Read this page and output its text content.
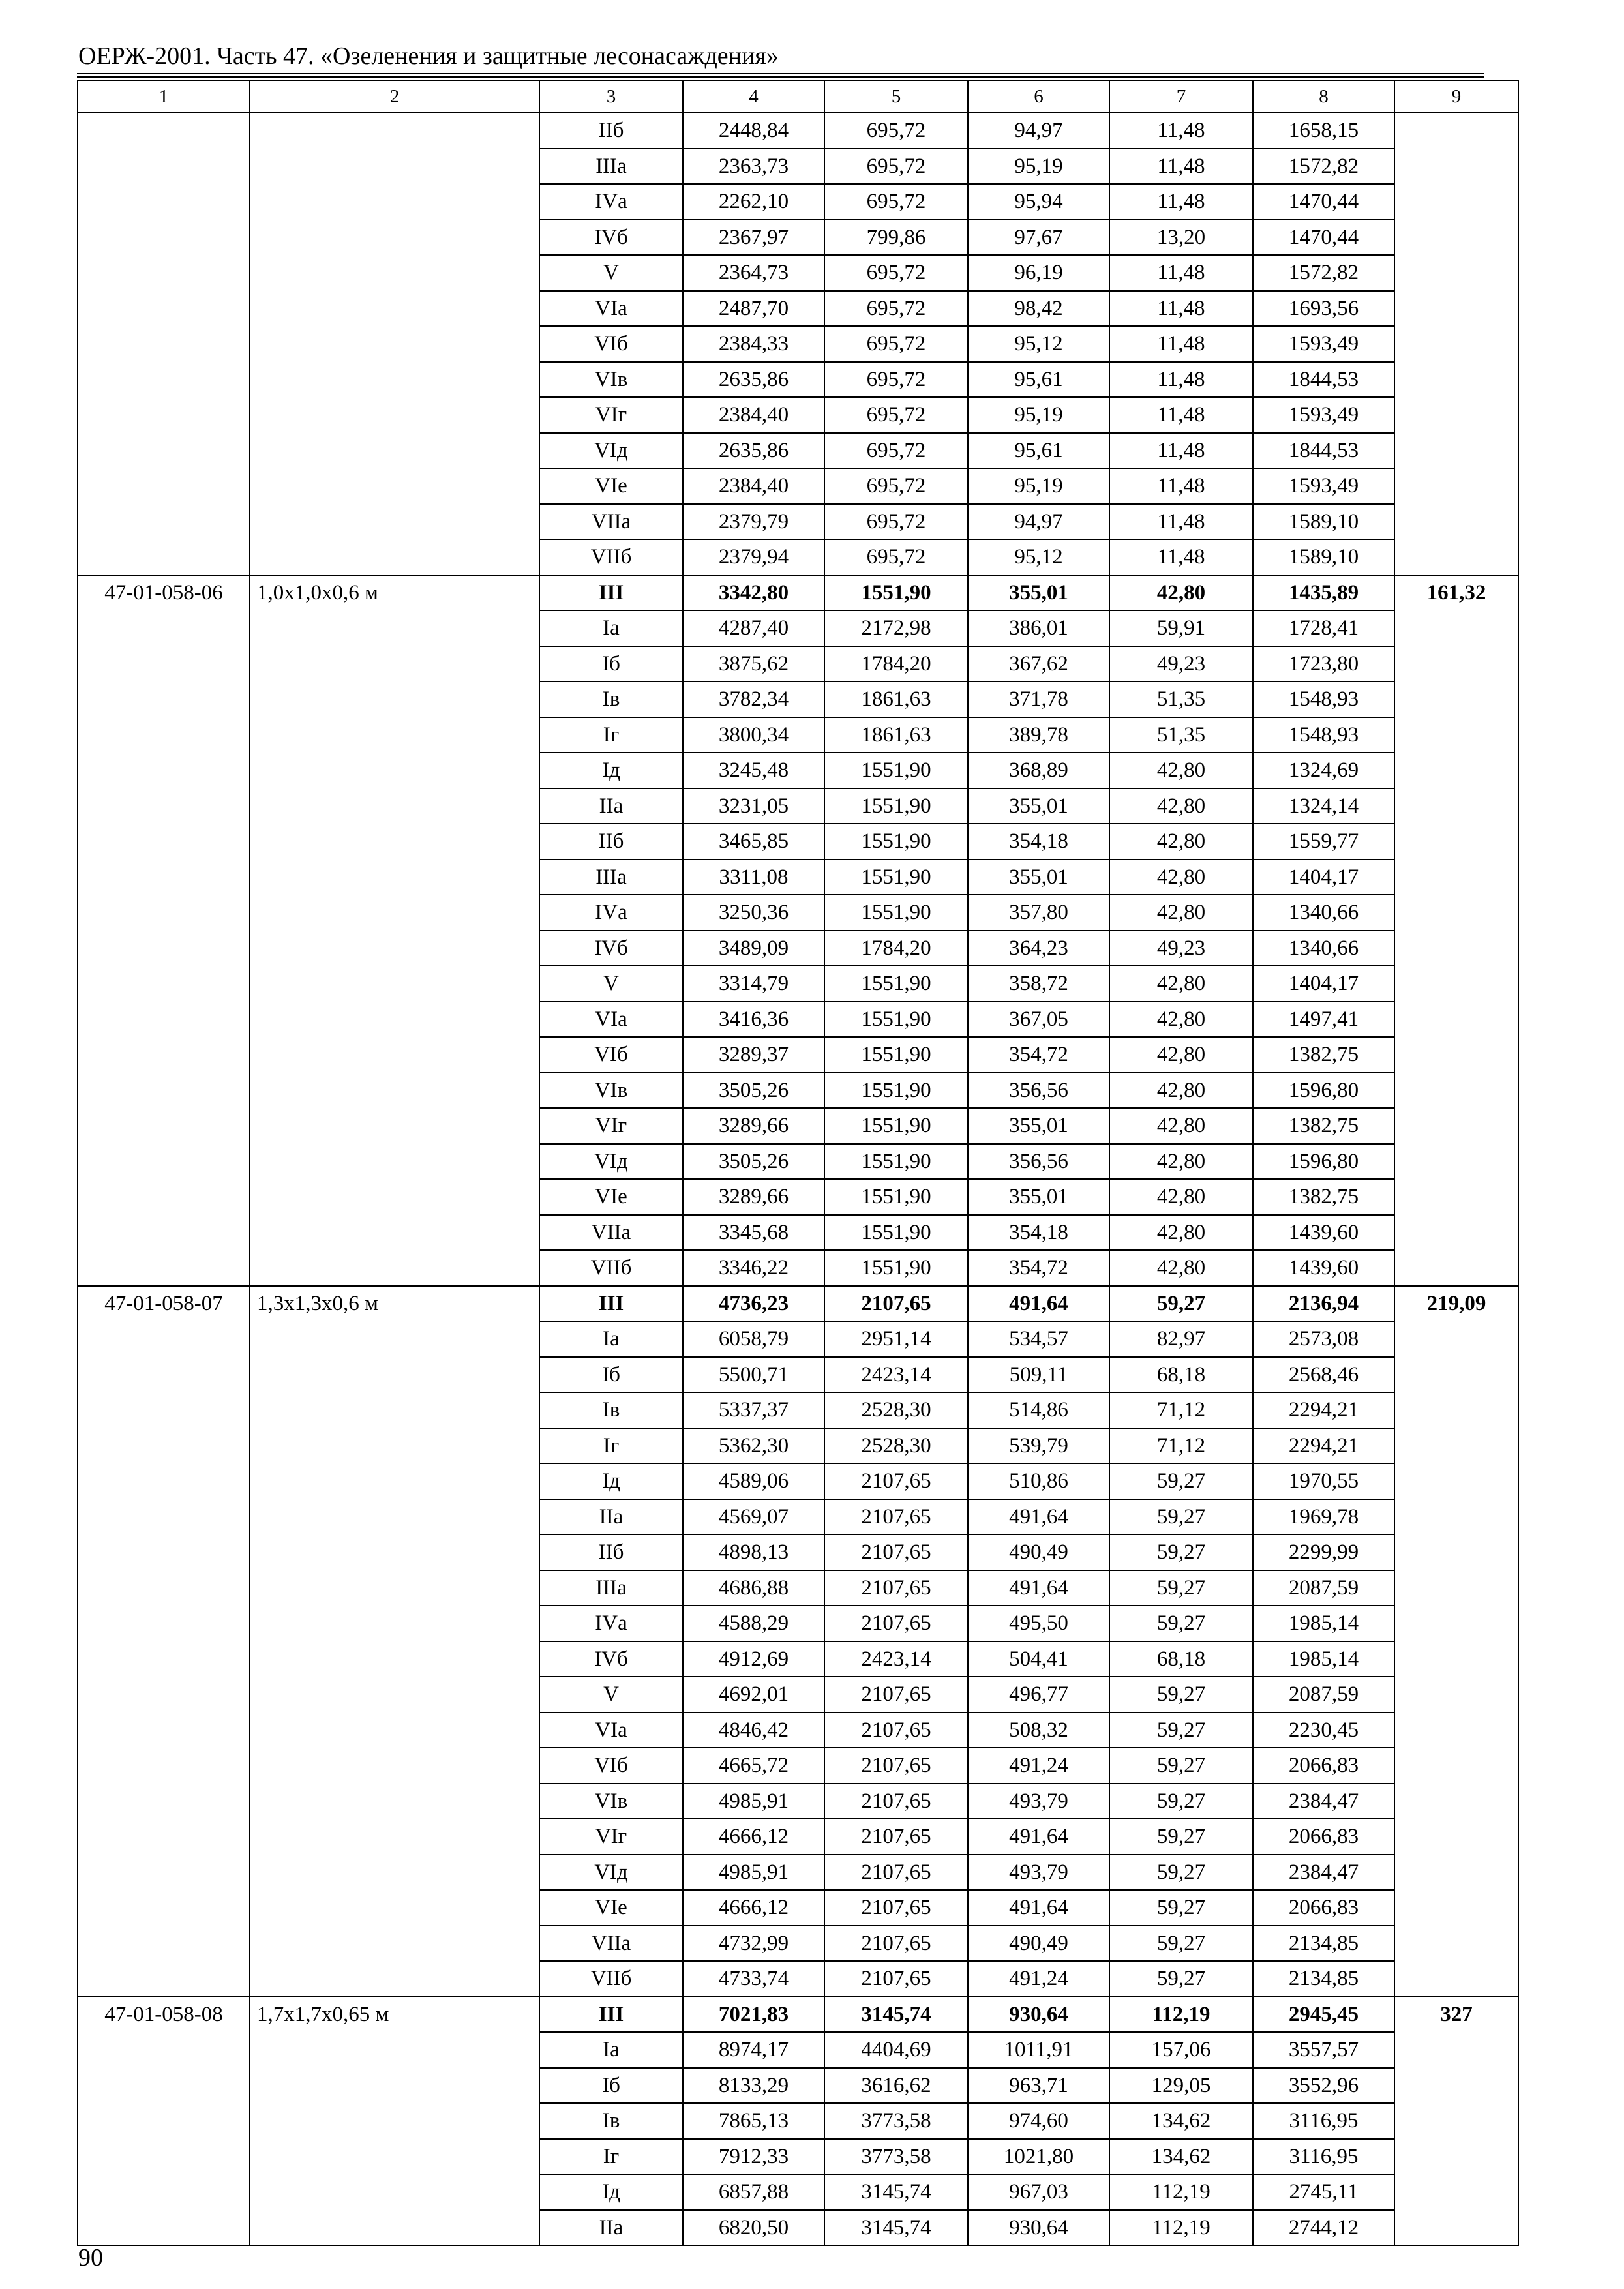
ОЕРЖ-2001. Часть 47. «Озеленения и защитные лесонасаждения»
1	2	3	4	5	6	7	8	9
		IIб	2448,84	695,72	94,97	11,48	1658,15	
		IIIа	2363,73	695,72	95,19	11,48	1572,82	
		IVа	2262,10	695,72	95,94	11,48	1470,44	
		IVб	2367,97	799,86	97,67	13,20	1470,44	
		V	2364,73	695,72	96,19	11,48	1572,82	
		VIа	2487,70	695,72	98,42	11,48	1693,56	
		VIб	2384,33	695,72	95,12	11,48	1593,49	
		VIв	2635,86	695,72	95,61	11,48	1844,53	
		VIг	2384,40	695,72	95,19	11,48	1593,49	
		VIд	2635,86	695,72	95,61	11,48	1844,53	
		VIе	2384,40	695,72	95,19	11,48	1593,49	
		VIIа	2379,79	695,72	94,97	11,48	1589,10	
		VIIб	2379,94	695,72	95,12	11,48	1589,10	
47-01-058-06	1,0х1,0х0,6 м	III	3342,80	1551,90	355,01	42,80	1435,89	161,32
		Iа	4287,40	2172,98	386,01	59,91	1728,41	
		Iб	3875,62	1784,20	367,62	49,23	1723,80	
		Iв	3782,34	1861,63	371,78	51,35	1548,93	
		Iг	3800,34	1861,63	389,78	51,35	1548,93	
		Iд	3245,48	1551,90	368,89	42,80	1324,69	
		IIа	3231,05	1551,90	355,01	42,80	1324,14	
		IIб	3465,85	1551,90	354,18	42,80	1559,77	
		IIIа	3311,08	1551,90	355,01	42,80	1404,17	
		IVа	3250,36	1551,90	357,80	42,80	1340,66	
		IVб	3489,09	1784,20	364,23	49,23	1340,66	
		V	3314,79	1551,90	358,72	42,80	1404,17	
		VIа	3416,36	1551,90	367,05	42,80	1497,41	
		VIб	3289,37	1551,90	354,72	42,80	1382,75	
		VIв	3505,26	1551,90	356,56	42,80	1596,80	
		VIг	3289,66	1551,90	355,01	42,80	1382,75	
		VIд	3505,26	1551,90	356,56	42,80	1596,80	
		VIе	3289,66	1551,90	355,01	42,80	1382,75	
		VIIа	3345,68	1551,90	354,18	42,80	1439,60	
		VIIб	3346,22	1551,90	354,72	42,80	1439,60	
47-01-058-07	1,3х1,3х0,6 м	III	4736,23	2107,65	491,64	59,27	2136,94	219,09
		Iа	6058,79	2951,14	534,57	82,97	2573,08	
		Iб	5500,71	2423,14	509,11	68,18	2568,46	
		Iв	5337,37	2528,30	514,86	71,12	2294,21	
		Iг	5362,30	2528,30	539,79	71,12	2294,21	
		Iд	4589,06	2107,65	510,86	59,27	1970,55	
		IIа	4569,07	2107,65	491,64	59,27	1969,78	
		IIб	4898,13	2107,65	490,49	59,27	2299,99	
		IIIа	4686,88	2107,65	491,64	59,27	2087,59	
		IVа	4588,29	2107,65	495,50	59,27	1985,14	
		IVб	4912,69	2423,14	504,41	68,18	1985,14	
		V	4692,01	2107,65	496,77	59,27	2087,59	
		VIа	4846,42	2107,65	508,32	59,27	2230,45	
		VIб	4665,72	2107,65	491,24	59,27	2066,83	
		VIв	4985,91	2107,65	493,79	59,27	2384,47	
		VIг	4666,12	2107,65	491,64	59,27	2066,83	
		VIд	4985,91	2107,65	493,79	59,27	2384,47	
		VIе	4666,12	2107,65	491,64	59,27	2066,83	
		VIIа	4732,99	2107,65	490,49	59,27	2134,85	
		VIIб	4733,74	2107,65	491,24	59,27	2134,85	
47-01-058-08	1,7х1,7х0,65 м	III	7021,83	3145,74	930,64	112,19	2945,45	327
		Iа	8974,17	4404,69	1011,91	157,06	3557,57	
		Iб	8133,29	3616,62	963,71	129,05	3552,96	
		Iв	7865,13	3773,58	974,60	134,62	3116,95	
		Iг	7912,33	3773,58	1021,80	134,62	3116,95	
		Iд	6857,88	3145,74	967,03	112,19	2745,11	
		IIа	6820,50	3145,74	930,64	112,19	2744,12	
90
